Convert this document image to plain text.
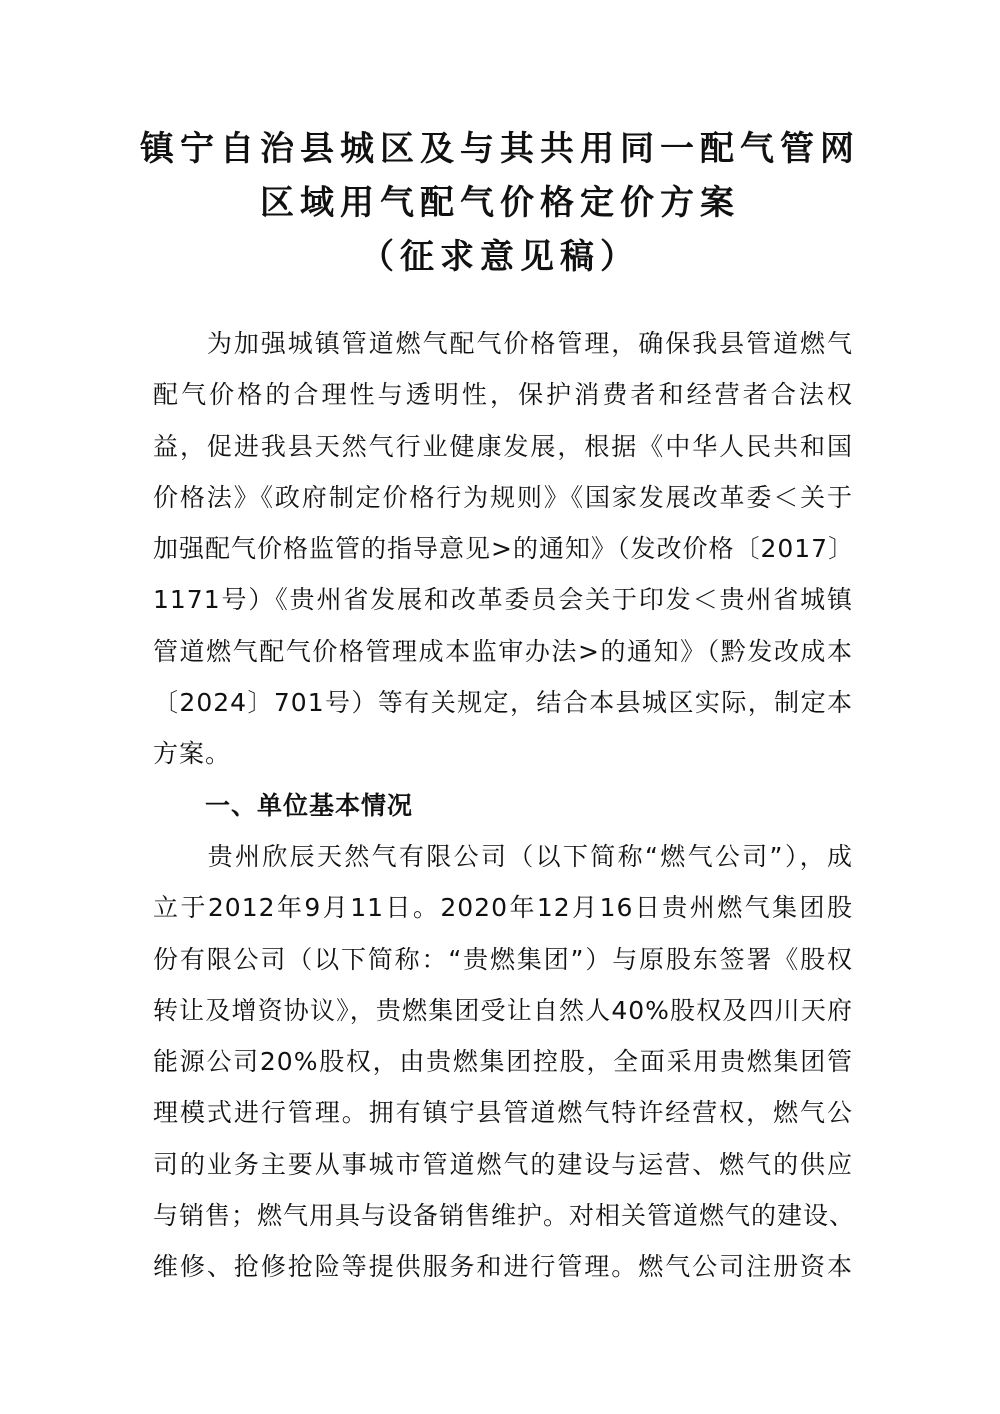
镇宁自治县城区及与其共用同一配气管网
区域用气配气价格定价方案
（征求意见稿）
　　为加强城镇管道燃气配气价格管理，确保我县管道燃气
配气价格的合理性与透明性，保护消费者和经营者合法权
益，促进我县天然气行业健康发展，根据《中华人民共和国
价格法》《政府制定价格行为规则》《国家发展改革委＜关于
加强配气价格监管的指导意见>的通知》（发改价格〔2017〕
1171号）《贵州省发展和改革委员会关于印发＜贵州省城镇
管道燃气配气价格管理成本监审办法>的通知》（黔发改成本
〔2024〕701号）等有关规定，结合本县城区实际，制定本
方案。
　　一、单位基本情况
　　贵州欣辰天然气有限公司（以下简称“燃气公司”），成
立于2012年9月11日。2020年12月16日贵州燃气集团股
份有限公司（以下简称：“贵燃集团”）与原股东签署《股权
转让及增资协议》，贵燃集团受让自然人40%股权及四川天府
能源公司20%股权，由贵燃集团控股，全面采用贵燃集团管
理模式进行管理。拥有镇宁县管道燃气特许经营权，燃气公
司的业务主要从事城市管道燃气的建设与运营、燃气的供应
与销售；燃气用具与设备销售维护。对相关管道燃气的建设、
维修、抢修抢险等提供服务和进行管理。燃气公司注册资本
